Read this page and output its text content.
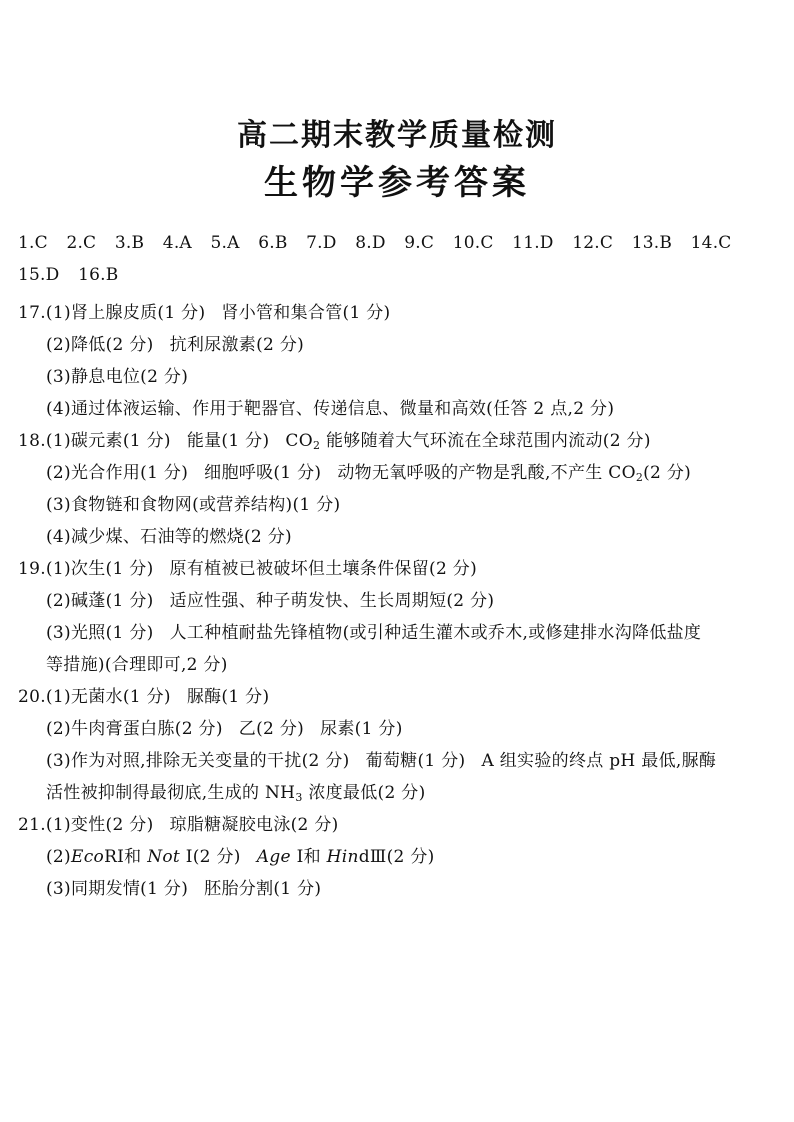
高二期末教学质量检测
生物学参考答案
1.C 2.C 3.B 4.A 5.A 6.B 7.D 8.D 9.C 10.C 11.D 12.C 13.B 14.C
15.D 16.B
17.(1)肾上腺皮质(1 分) 肾小管和集合管(1 分)
(2)降低(2 分) 抗利尿激素(2 分)
(3)静息电位(2 分)
(4)通过体液运输、作用于靶器官、传递信息、微量和高效(任答 2 点,2 分)
18.(1)碳元素(1 分) 能量(1 分) $CO_2$ 能够随着大气环流在全球范围内流动(2 分)
(2)光合作用(1 分) 细胞呼吸(1 分) 动物无氧呼吸的产物是乳酸,不产生 $CO_2(2$ 分)
(3)食物链和食物网(或营养结构)(1 分)
(4)减少煤、石油等的燃烧(2 分)
19.(1)次生(1 分) 原有植被已被破坏但土壤条件保留(2 分)
(2)碱蓬(1 分) 适应性强、种子萌发快、生长周期短(2 分)
(3)光照(1 分) 人工种植耐盐先锋植物(或引种适生灌木或乔木,或修建排水沟降低盐度
等措施)(合理即可,2 分)
20.(1)无菌水(1 分) 脲酶(1 分)
(2)牛肉膏蛋白胨(2 分) 乙(2 分) 尿素(1 分)
(3)作为对照,排除无关变量的干扰(2 分) 葡萄糖(1 分) A 组实验的终点 pH 最低,脲酶
活性被抑制得最彻底,生成的 $NH_3$ 浓度最低(2 分)
21.(1)变性(2 分) 琼脂糖凝胶电泳(2 分)
(2)EcoRⅠ和 Not Ⅰ(2 分) Age Ⅰ和 HindⅢ(2 分)
(3)同期发情(1 分) 胚胎分割(1 分)
